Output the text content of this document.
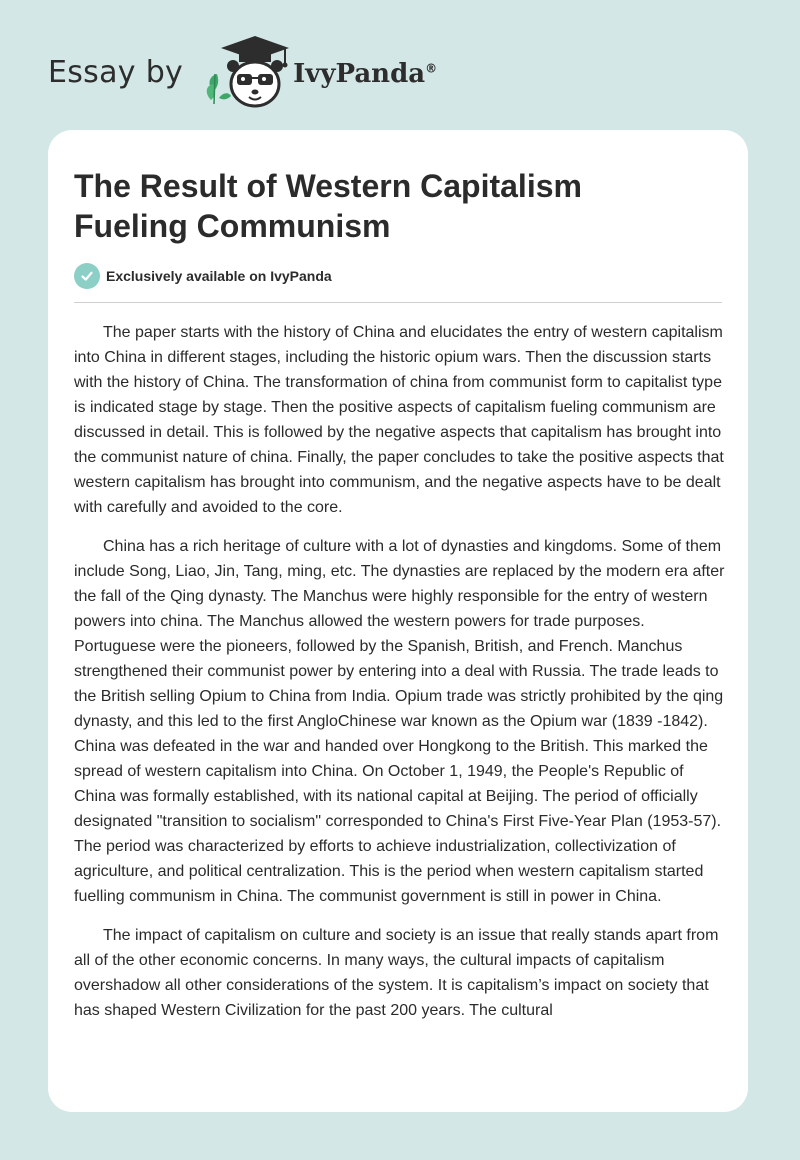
Essay by	IvyPanda®
The Result of Western Capitalism Fueling Communism
Exclusively available on IvyPanda

The paper starts with the history of China and elucidates the entry of western capitalism into China in different stages, including the historic opium wars. Then the discussion starts with the history of China. The transformation of china from communist form to capitalist type is indicated stage by stage. Then the positive aspects of capitalism fueling communism are discussed in detail. This is followed by the negative aspects that capitalism has brought into the communist nature of china. Finally, the paper concludes to take the positive aspects that western capitalism has brought into communism, and the negative aspects have to be dealt with carefully and avoided to the core.

China has a rich heritage of culture with a lot of dynasties and kingdoms. Some of them include Song, Liao, Jin, Tang, ming, etc. The dynasties are replaced by the modern era after the fall of the Qing dynasty. The Manchus were highly responsible for the entry of western powers into china. The Manchus allowed the western powers for trade purposes. Portuguese were the pioneers, followed by the Spanish, British, and French. Manchus strengthened their communist power by entering into a deal with Russia. The trade leads to the British selling Opium to China from India. Opium trade was strictly prohibited by the qing dynasty, and this led to the first AngloChinese war known as the Opium war (1839 -1842). China was defeated in the war and handed over Hongkong to the British. This marked the spread of western capitalism into China. On October 1, 1949, the People's Republic of China was formally established, with its national capital at Beijing. The period of officially designated "transition to socialism" corresponded to China's First Five-Year Plan (1953-57). The period was characterized by efforts to achieve industrialization, collectivization of agriculture, and political centralization. This is the period when western capitalism started fuelling communism in China. The communist government is still in power in China.

The impact of capitalism on culture and society is an issue that really stands apart from all of the other economic concerns. In many ways, the cultural impacts of capitalism overshadow all other considerations of the system. It is capitalism’s impact on society that has shaped Western Civilization for the past 200 years. The cultural
